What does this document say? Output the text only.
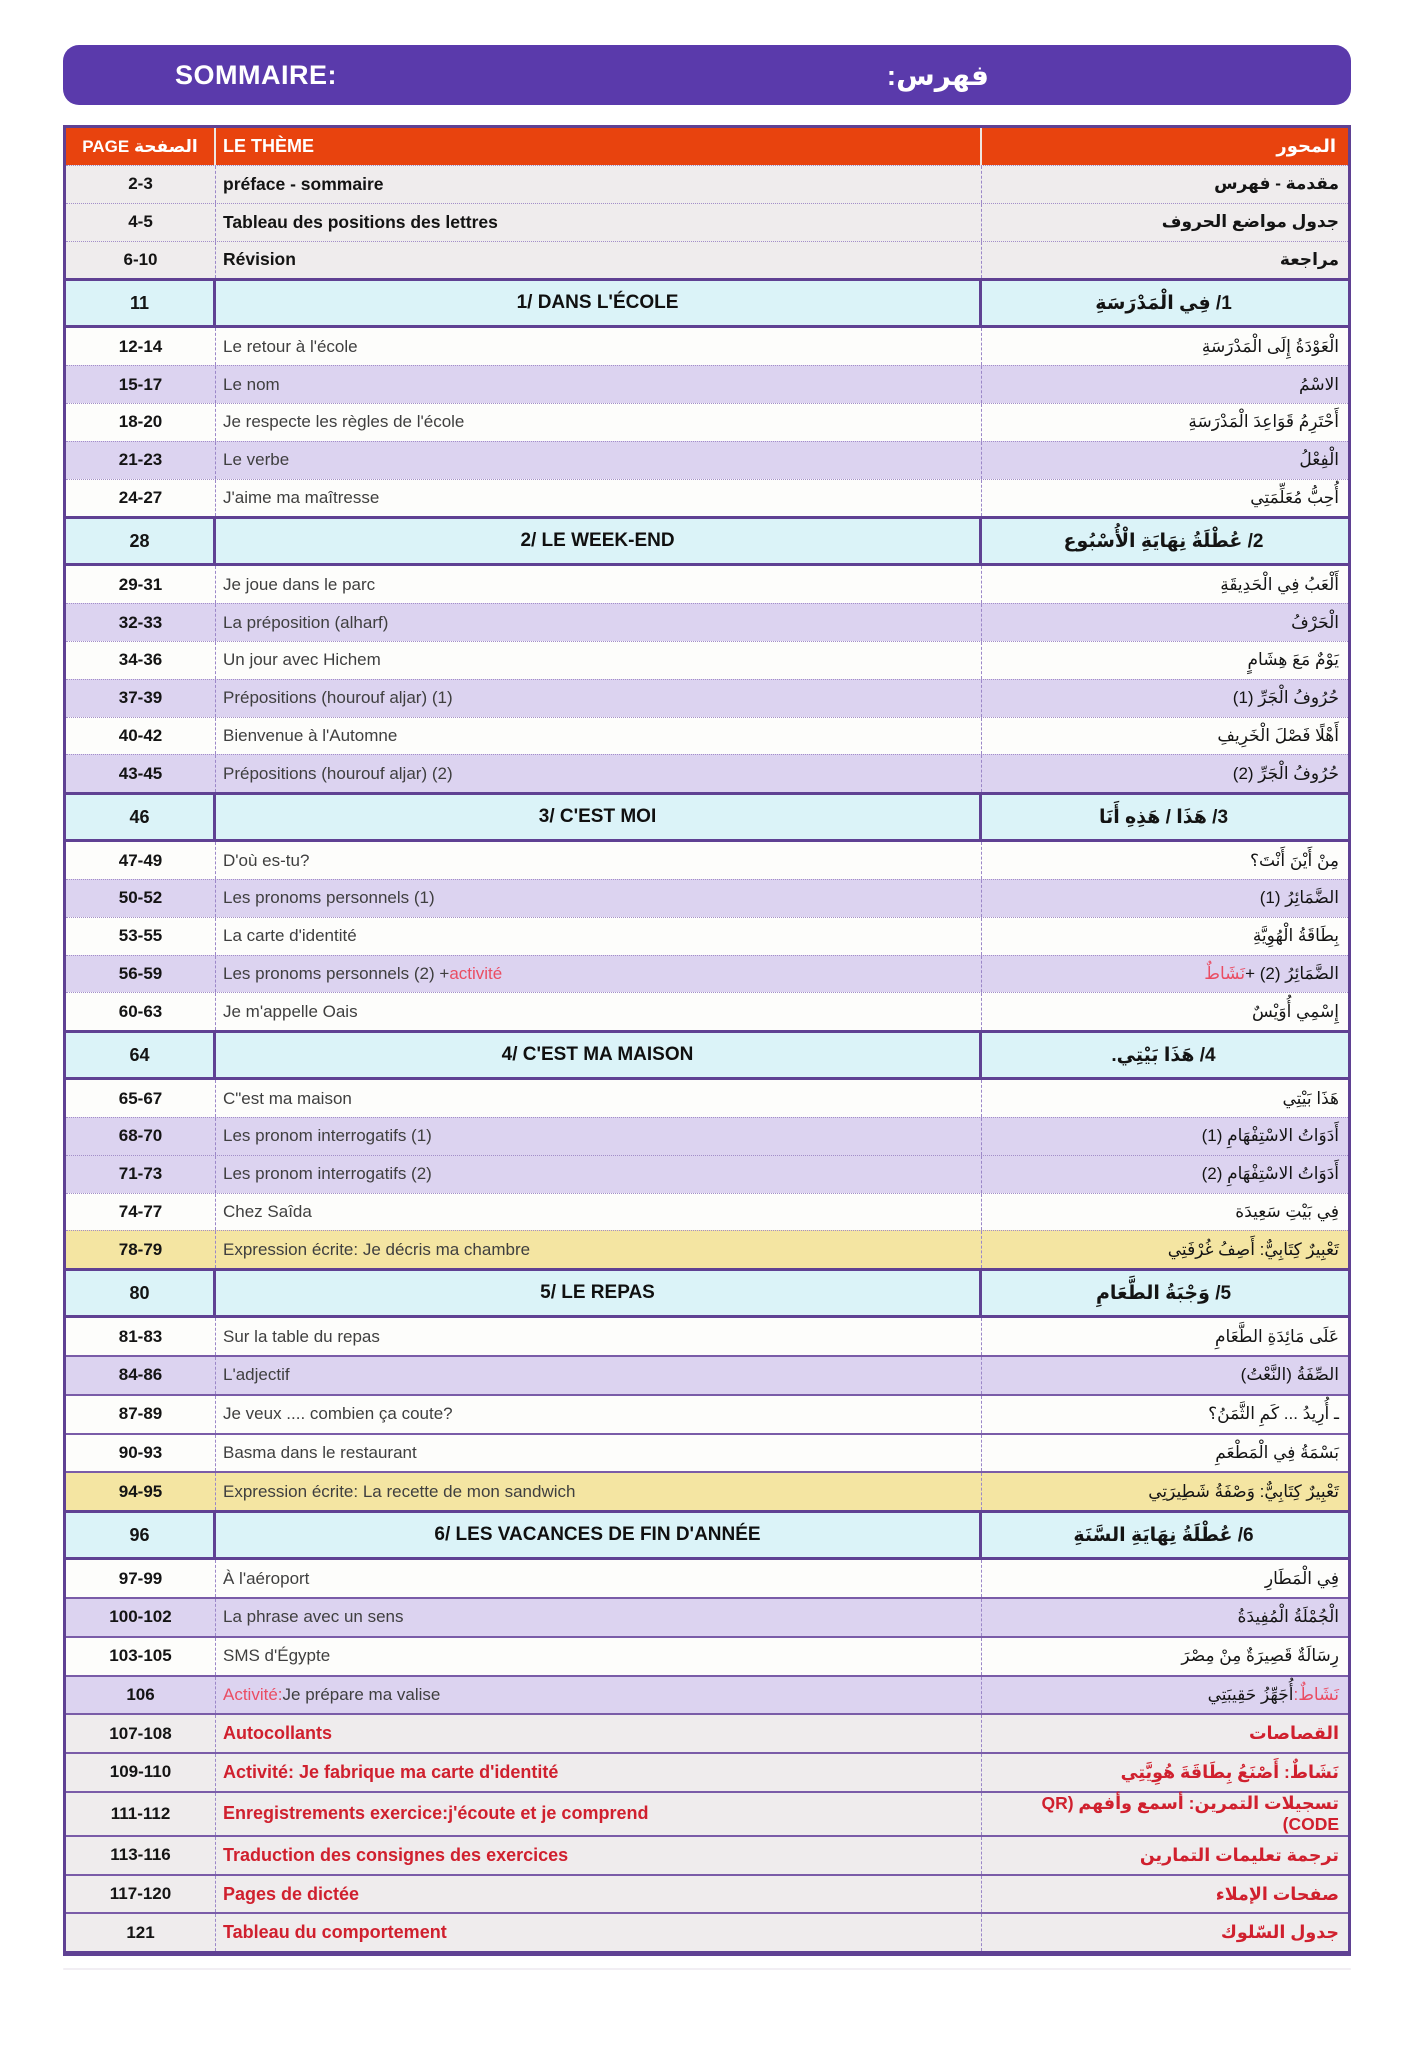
SOMMAIRE:	فهرس:
PAGE الصفحة	LE THÈME	المحور
2-3	préface - sommaire	مقدمة - فهرس
4-5	Tableau des positions des lettres	جدول مواضع الحروف
6-10	Révision	مراجعة
11	1/ DANS L'ÉCOLE	1/ فِي الْمَدْرَسَةِ
12-14	Le retour à l'école	الْعَوْدَةُ إِلَى الْمَدْرَسَةِ
15-17	Le nom	الاسْمُ
18-20	Je respecte les règles de l'école	أَحْتَرِمُ قَوَاعِدَ الْمَدْرَسَةِ
21-23	Le verbe	الْفِعْلُ
24-27	J'aime ma maîtresse	أُحِبُّ مُعَلِّمَتِي
28	2/ LE WEEK-END	2/ عُطْلَةُ نِهَايَةِ الْأُسْبُوع
29-31	Je joue dans le parc	أَلْعَبُ فِي الْحَدِيقَةِ
32-33	La préposition (alharf)	الْحَرْفُ
34-36	Un jour avec Hichem	يَوْمٌ مَعَ هِشَامٍ
37-39	Prépositions (hourouf aljar) (1)	حُرُوفُ الْجَرِّ (1)
40-42	Bienvenue à l'Automne	أَهْلًا فَصْلَ الْخَرِيفِ
43-45	Prépositions (hourouf aljar) (2)	حُرُوفُ الْجَرِّ (2)
46	3/ C'EST MOI	3/ هَذَا / هَذِهِ أَنَا
47-49	D'où es-tu?	مِنْ أَيْنَ أَنْتَ؟
50-52	Les pronoms personnels (1)	الضَّمَائِرُ (1)
53-55	La carte d'identité	بِطَاقَةُ الْهُوِيَّةِ
56-59	Les pronoms personnels (2) + activité	الضَّمَائِرُ (2) +
نَشَاطٌ
60-63	Je m'appelle Oais	إِسْمِي أُوَيْسٌ
64	4/ C'EST MA MAISON	4/ هَذَا بَيْتِي.
65-67	C"est ma maison	هَذَا بَيْتِي
68-70	Les pronom interrogatifs (1)	أَدَوَاتُ الاسْتِفْهَامِ (1)
71-73	Les pronom interrogatifs (2)	أَدَوَاتُ الاسْتِفْهَامِ (2)
74-77	Chez Saîda	فِي بَيْتِ سَعِيدَة
78-79	Expression écrite: Je décris ma chambre	تَعْبِيرٌ كِتَابِيٌّ: أَصِفُ غُرْفَتِي
80	5/ LE REPAS	5/ وَجْبَةُ الطَّعَامِ
81-83	Sur la table du repas	عَلَى مَائِدَةِ الطَّعَامِ
84-86	L'adjectif	الصِّفَةُ (النَّعْتُ)
87-89	Je veux .... combien ça coute?	ـ أُرِيدُ ... كَمِ الثَّمَنُ؟
90-93	Basma dans le restaurant	بَسْمَةُ فِي الْمَطْعَمِ
94-95	Expression écrite: La recette de mon sandwich	تَعْبِيرٌ كِتَابِيٌّ: وَصْفَةُ شَطِيرَتِي
96	6/ LES VACANCES DE FIN D'ANNÉE	6/ عُطْلَةُ نِهَايَةِ السَّنَةِ
97-99	À l'aéroport	فِي الْمَطَارِ
100-102	La phrase avec un sens	الْجُمْلَةُ الْمُفِيدَةُ
103-105	SMS d'Égypte	رِسَالَةٌ قَصِيرَةٌ مِنْ مِصْرَ
106	Activité: Je prépare ma valise	نَشَاطٌ:
أُجَهِّزُ حَقِيبَتِي
107-108	Autocollants	القصاصات
109-110	Activité: Je fabrique ma carte d'identité	نَشَاطٌ: أَصْنَعُ بِطَاقَةَ هُوِيَّتِي
111-112	Enregistrements exercice:j'écoute et je comprend
تسجيلات التمرين: أسمع وأفهم (QR CODE)
113-116	Traduction des consignes des exercices	ترجمة تعليمات التمارين
117-120	Pages de dictée	صفحات الإملاء
121	Tableau du comportement	جدول السّلوك
